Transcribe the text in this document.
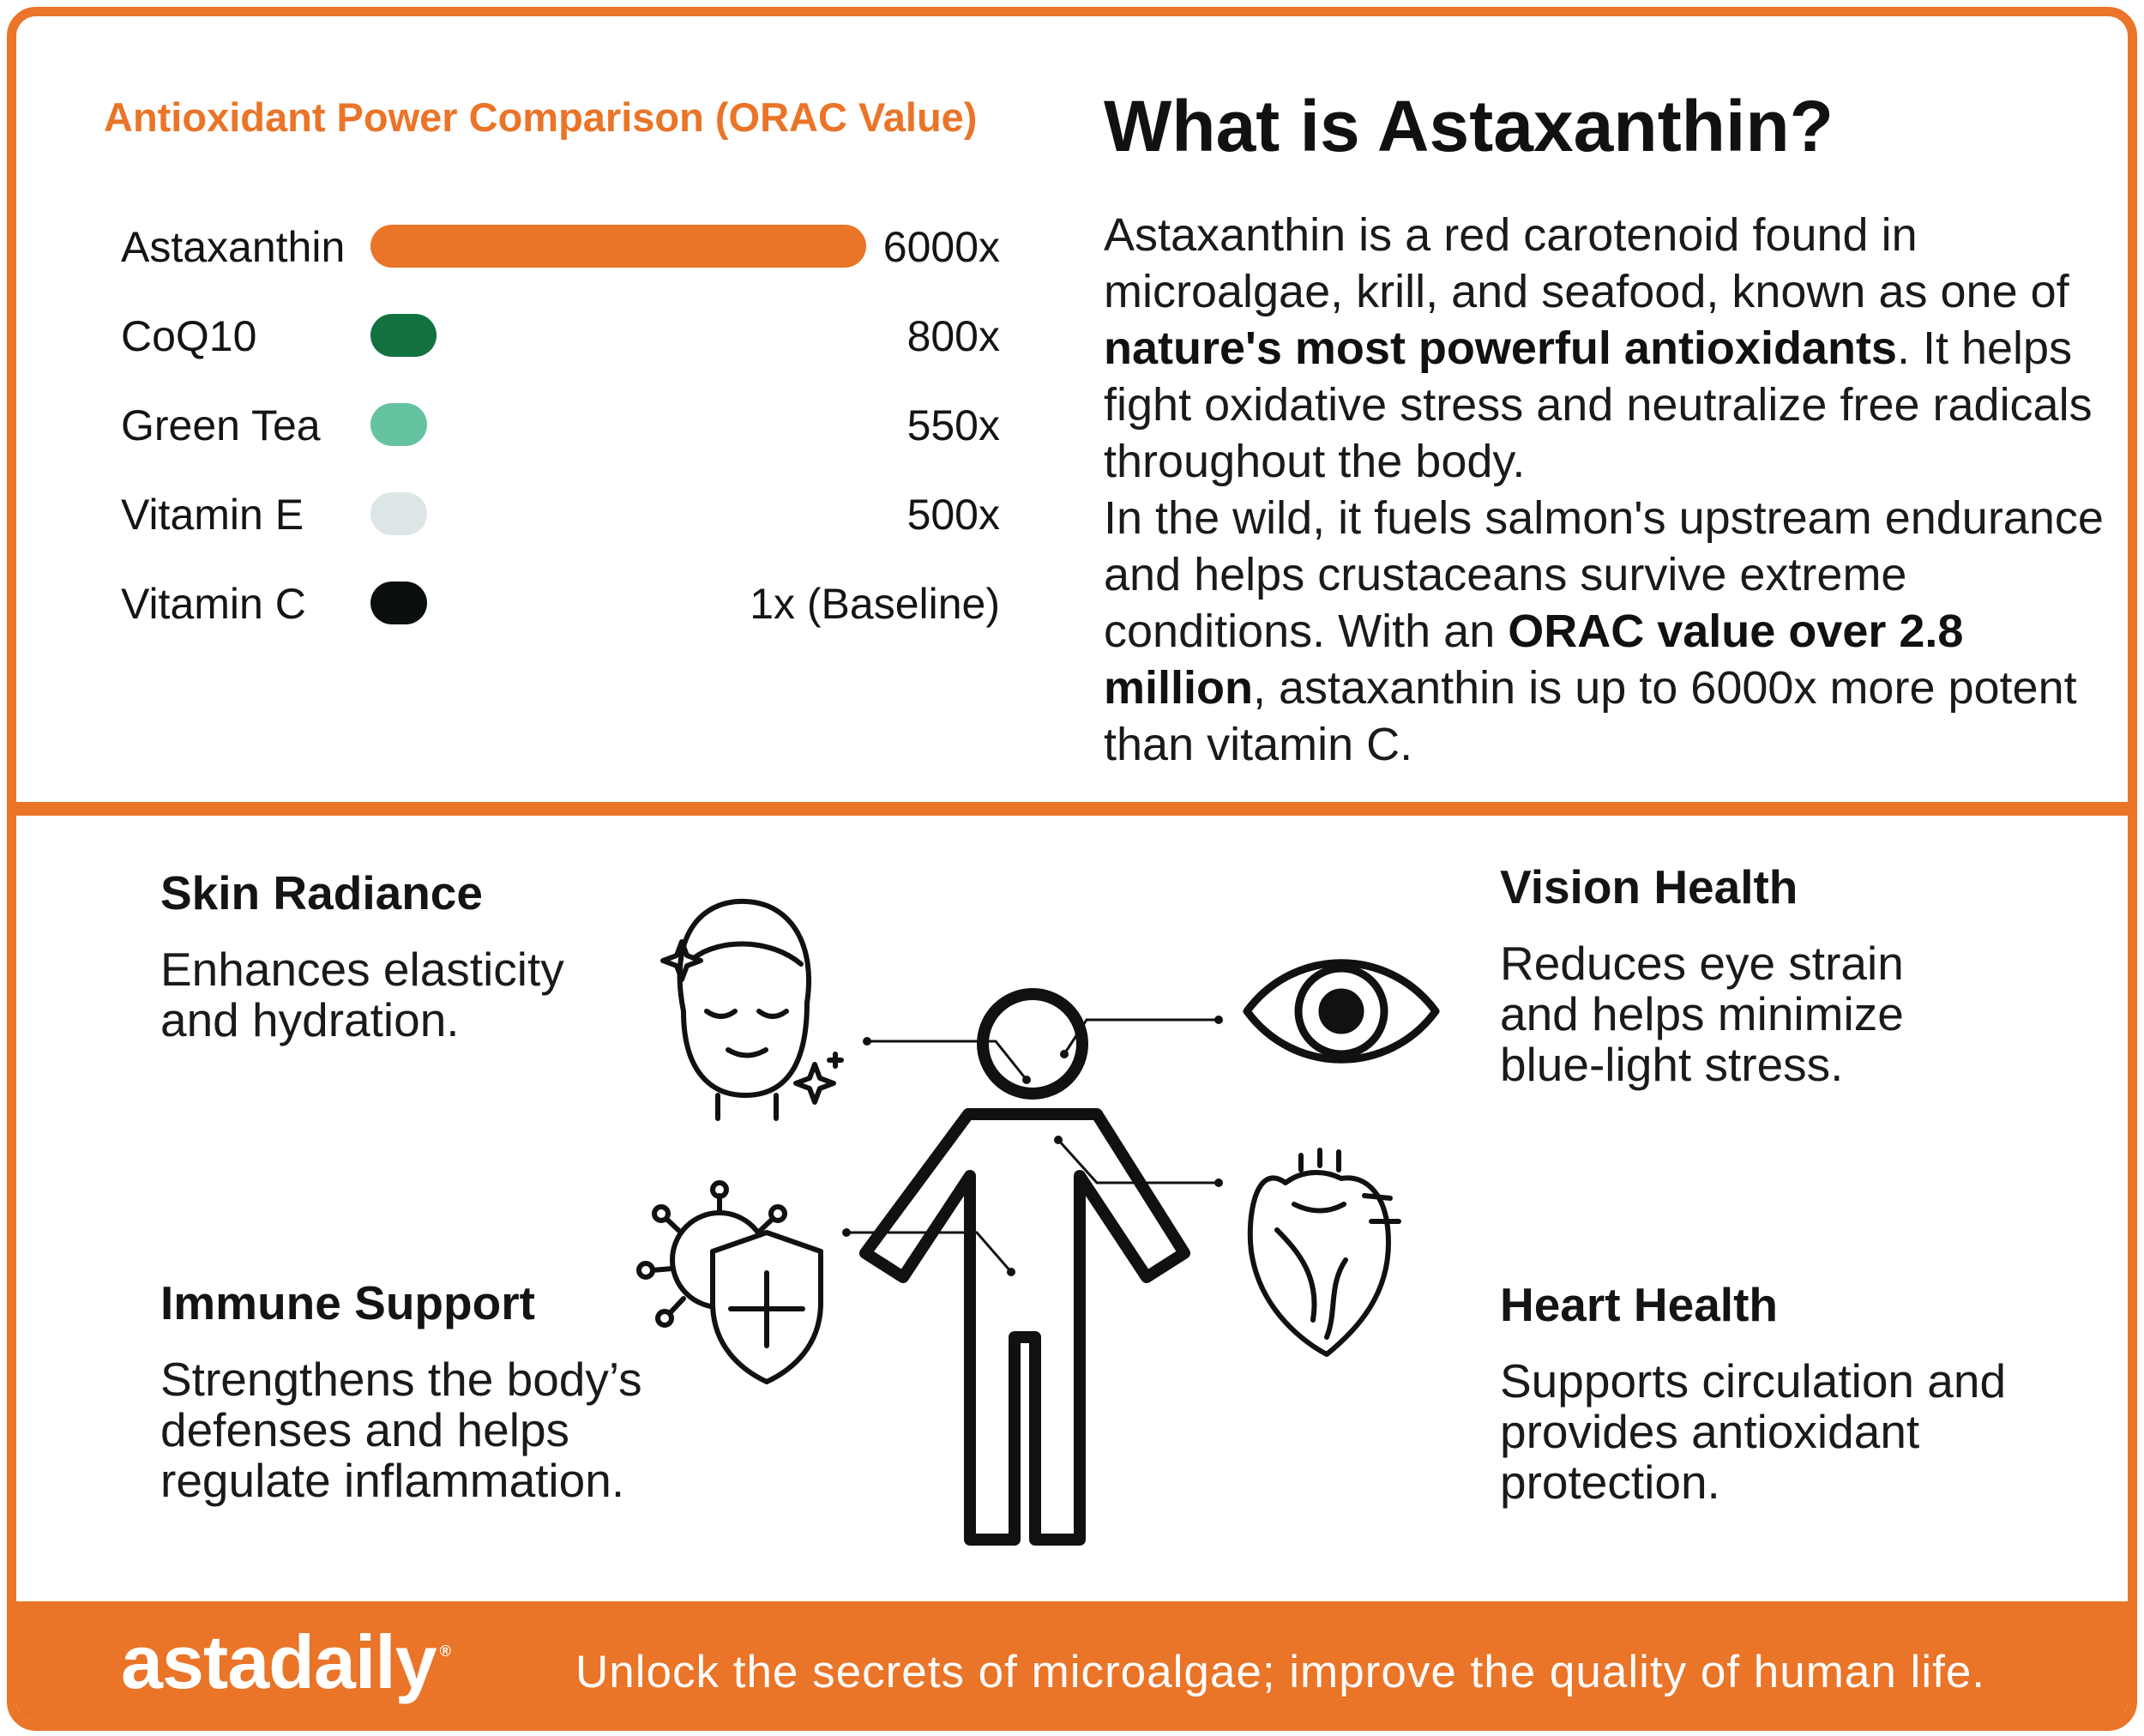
Antioxidant Power Comparison (ORAC Value)
Astaxanthin	6000x
CoQ10	800x
Green Tea	550x
Vitamin E	500x
Vitamin C	1x (Baseline)
What is Astaxanthin?
Astaxanthin is a red carotenoid found in microalgae, krill, and seafood, known as one of nature's most powerful antioxidants. It helps fight oxidative stress and neutralize free radicals throughout the body.
In the wild, it fuels salmon's upstream endurance and helps crustaceans survive extreme conditions. With an ORAC value over 2.8 million, astaxanthin is up to 6000x more potent than vitamin C.
Skin Radiance

Enhances elasticity and hydration.

Immune Support

Strengthens the body’s defenses and helps regulate inflammation.

Vision Health

Reduces eye strain and helps minimize blue-light stress.

Heart Health

Supports circulation and provides antioxidant protection.

astadaily ®	Unlock the secrets of microalgae; improve the quality of human life.
